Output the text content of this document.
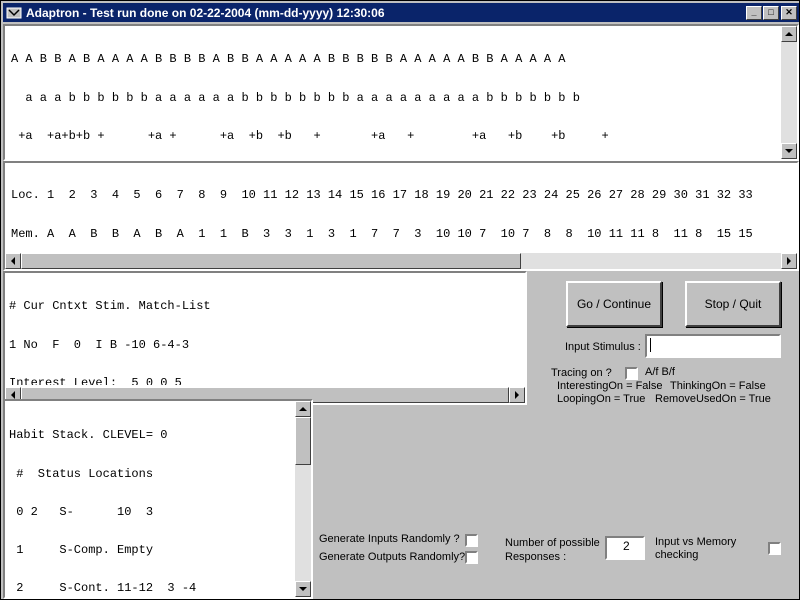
Adaptron - Test run done on 02-22-2004 (mm-dd-yyyy) 12:30:06	_ □ ✕

A A B B A B A A A A B B B B A B B A A A A A B B B B B A A A A A B B A A A A A

a a a b b b b b b a a a a a a b b b b b b b b a a a a a a a a a b b b b b b b

+a  +a+b+b +      +a +      +a  +b  +b   +       +a   +        +a   +b    +b     +

Loc. 1  2  3  4  5  6  7  8  9  10 11 12 13 14 15 16 17 18 19 20 21 22 23 24 25 26 27 28 29 30 31 32 33

Mem. A  A  B  B  A  B  A  1  1  B  3  3  1  3  1  7  7  3  10 10 7  10 7  8  8  10 11 11 8  11 8  15 15

# Cur Cntxt Stim. Match-List

1 No  F  0  I B -10 6-4-3

Interest Level:  5 0 0 5

Habit Stack. CLEVEL= 0

#  Status Locations

0 2   S-      10  3

1     S-Comp. Empty

2     S-Cont. 11-12  3 -4

Go / Continue	Stop / Quit
Input Stimulus :
Tracing on ?	A/f B/f
InterestingOn = False ThinkingOn = False
LoopingOn = True RemoveUsedOn = True
Generate Inputs Randomly ?
Generate Outputs Randomly?
Number of possible
Responses :
2	Input vs Memory
checking
